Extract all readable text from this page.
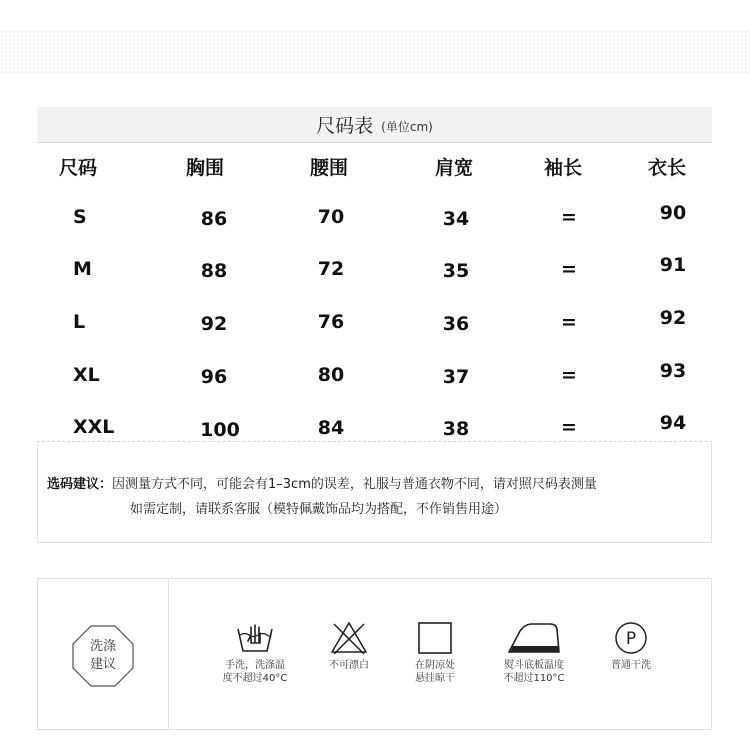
尺码表 (单位cm)
尺码	胸围	腰围	肩宽	袖长	衣长
S	86	70	34	=	90
M	88	72	35	=	91
L	92	76	36	=	92
XL	96	80	37	=	93
XXL	100	84	38	=	94
选码建议：因测量方式不同，可能会有1–3cm的误差，礼服与普通衣物不同，请对照尺码表测量
如需定制，请联系客服（模特佩戴饰品均为搭配，不作销售用途）
洗涤
建议	手洗，洗涤温
度不超过40°C
不可漂白	在阴凉处
悬挂晾干
熨斗底板温度
不超过110°C
P
普通干洗
